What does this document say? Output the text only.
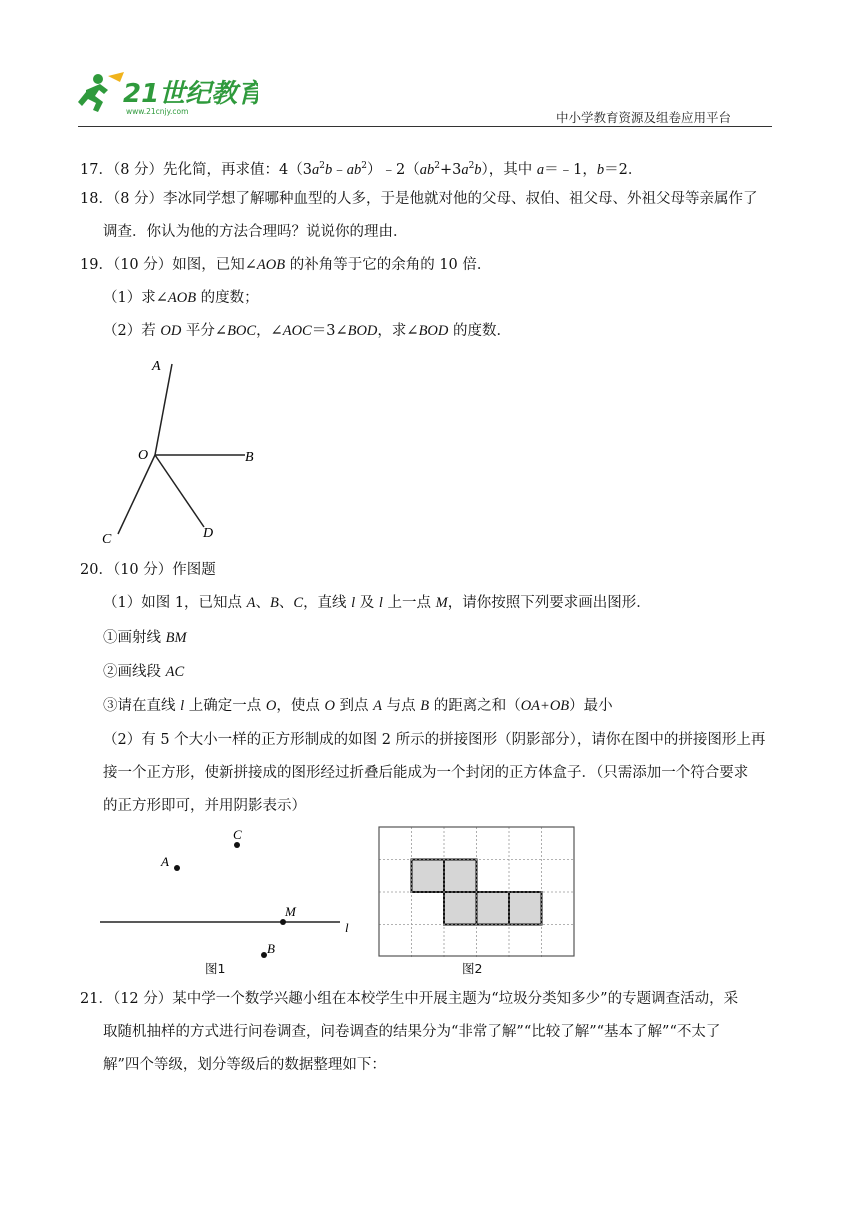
21世纪教育
www.21cnjy.com	中小学教育资源及组卷应用平台
17．（8 分）先化简，再求值：$4(3a^2b﹣ab^2)﹣2(ab^2+3a^2b)$，其中 a＝﹣1，b＝2．
18．（8 分）李冰同学想了解哪种血型的人多，于是他就对他的父母、叔伯、祖父母、外祖父母等亲属作了
调查．你认为他的方法合理吗？说说你的理由．
19．（10 分）如图，已知∠AOB 的补角等于它的余角的 10 倍．
（1）求∠AOB 的度数；
（2）若 OD 平分∠BOC，∠AOC＝3∠BOD，求∠BOD 的度数．
A
O	B
C	D
20．（10 分）作图题
（1）如图 1，已知点 A、B、C，直线 l 及 l 上一点 M，请你按照下列要求画出图形．
①画射线 BM
②画线段 AC
③请在直线 l 上确定一点 O，使点 O 到点 A 与点 B 的距离之和（OA+OB）最小
（2）有 5 个大小一样的正方形制成的如图 2 所示的拼接图形（阴影部分），请你在图中的拼接图形上再
接一个正方形，使新拼接成的图形经过折叠后能成为一个封闭的正方体盒子．（只需添加一个符合要求
的正方形即可，并用阴影表示）
A
C
M
B
l
图1	图2
21．（12 分）某中学一个数学兴趣小组在本校学生中开展主题为“垃圾分类知多少”的专题调查活动，采
取随机抽样的方式进行问卷调查，问卷调查的结果分为“非常了解”“比较了解”“基本了解”“不太了
解”四个等级，划分等级后的数据整理如下：
